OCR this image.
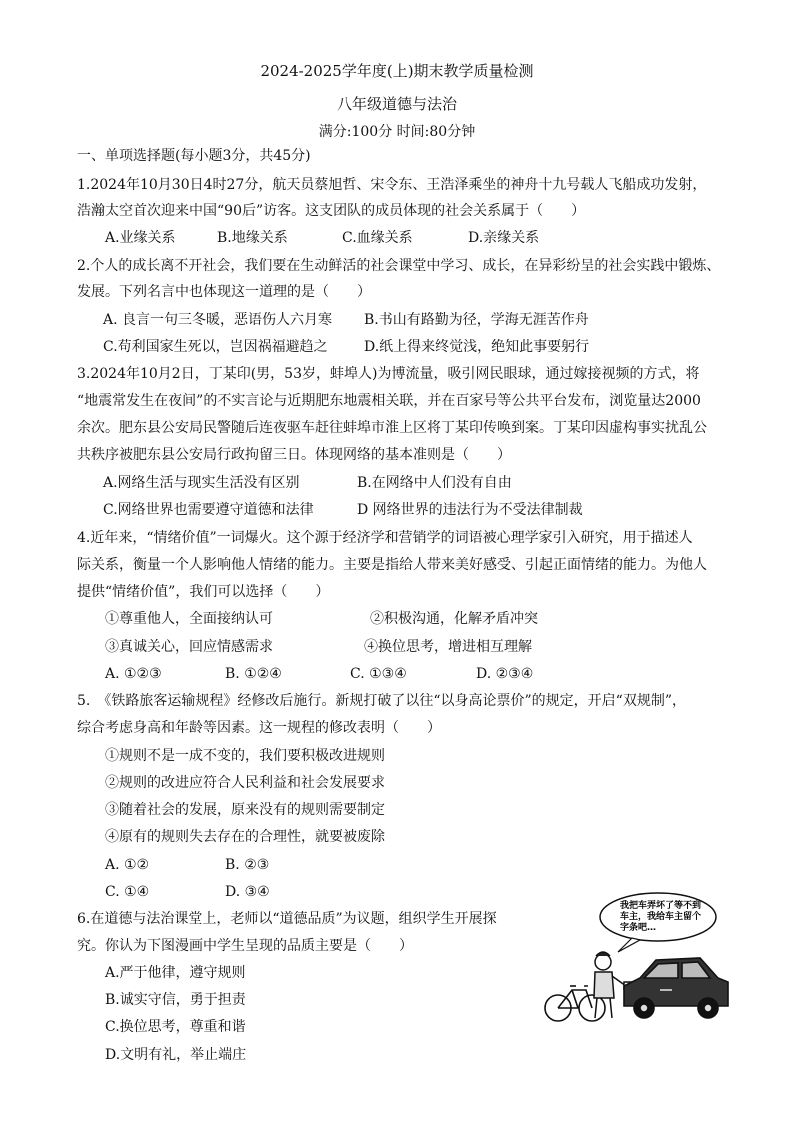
2024-2025学年度(上)期末教学质量检测
八年级道德与法治
满分:100分 时间:80分钟
一、单项选择题(每小题3分，共45分)
1.2024年10月30日4时27分，航天员蔡旭哲、宋令东、王浩泽乘坐的神舟十九号载人飞船成功发射，
浩瀚太空首次迎来中国“90后”访客。这支团队的成员体现的社会关系属于（　　）
A.业缘关系	B.地缘关系	C.血缘关系	D.亲缘关系
2.个人的成长离不开社会，我们要在生动鲜活的社会课堂中学习、成长，在异彩纷呈的社会实践中锻炼、
发展。下列名言中也体现这一道理的是（　　）
A. 良言一句三冬暖，恶语伤人六月寒 B.书山有路勤为径，学海无涯苦作舟
C.苟利国家生死以，岂因祸福避趋之	D.纸上得来终觉浅，绝知此事要躬行
3.2024年10月2日，丁某印(男，53岁，蚌埠人)为博流量，吸引网民眼球，通过嫁接视频的方式，将
“地震常发生在夜间”的不实言论与近期肥东地震相关联，并在百家号等公共平台发布，浏览量达2000
余次。肥东县公安局民警随后连夜驱车赶往蚌埠市淮上区将丁某印传唤到案。丁某印因虚构事实扰乱公
共秩序被肥东县公安局行政拘留三日。体现网络的基本准则是（　　）
A.网络生活与现实生活没有区别	B.在网络中人们没有自由
C.网络世界也需要遵守道德和法律	D 网络世界的违法行为不受法律制裁
4.近年来，“情绪价值”一词爆火。这个源于经济学和营销学的词语被心理学家引入研究，用于描述人
际关系，衡量一个人影响他人情绪的能力。主要是指给人带来美好感受、引起正面情绪的能力。为他人
提供“情绪价值”，我们可以选择（　　）
①尊重他人，全面接纳认可	②积极沟通，化解矛盾冲突
③真诚关心，回应情感需求	④换位思考，增进相互理解
A. ①②③	B. ①②④	C. ①③④	D. ②③④
5.　《铁路旅客运输规程》经修改后施行。新规打破了以往“以身高论票价”的规定，开启“双规制”，
综合考虑身高和年龄等因素。这一规程的修改表明（　　）
①规则不是一成不变的，我们要积极改进规则
②规则的改进应符合人民利益和社会发展要求
③随着社会的发展，原来没有的规则需要制定
④原有的规则失去存在的合理性，就要被废除
A. ①②	B. ②③
C. ①④	D. ③④
6.在道德与法治课堂上，老师以“道德品质”为议题，组织学生开展探
究。你认为下图漫画中学生呈现的品质主要是（　　）
A.严于他律，遵守规则
B.诚实守信，勇于担责
C.换位思考，尊重和谐
D.文明有礼，举止端庄
我把车弄坏了等不到
车主，我给车主留个
字条吧…
